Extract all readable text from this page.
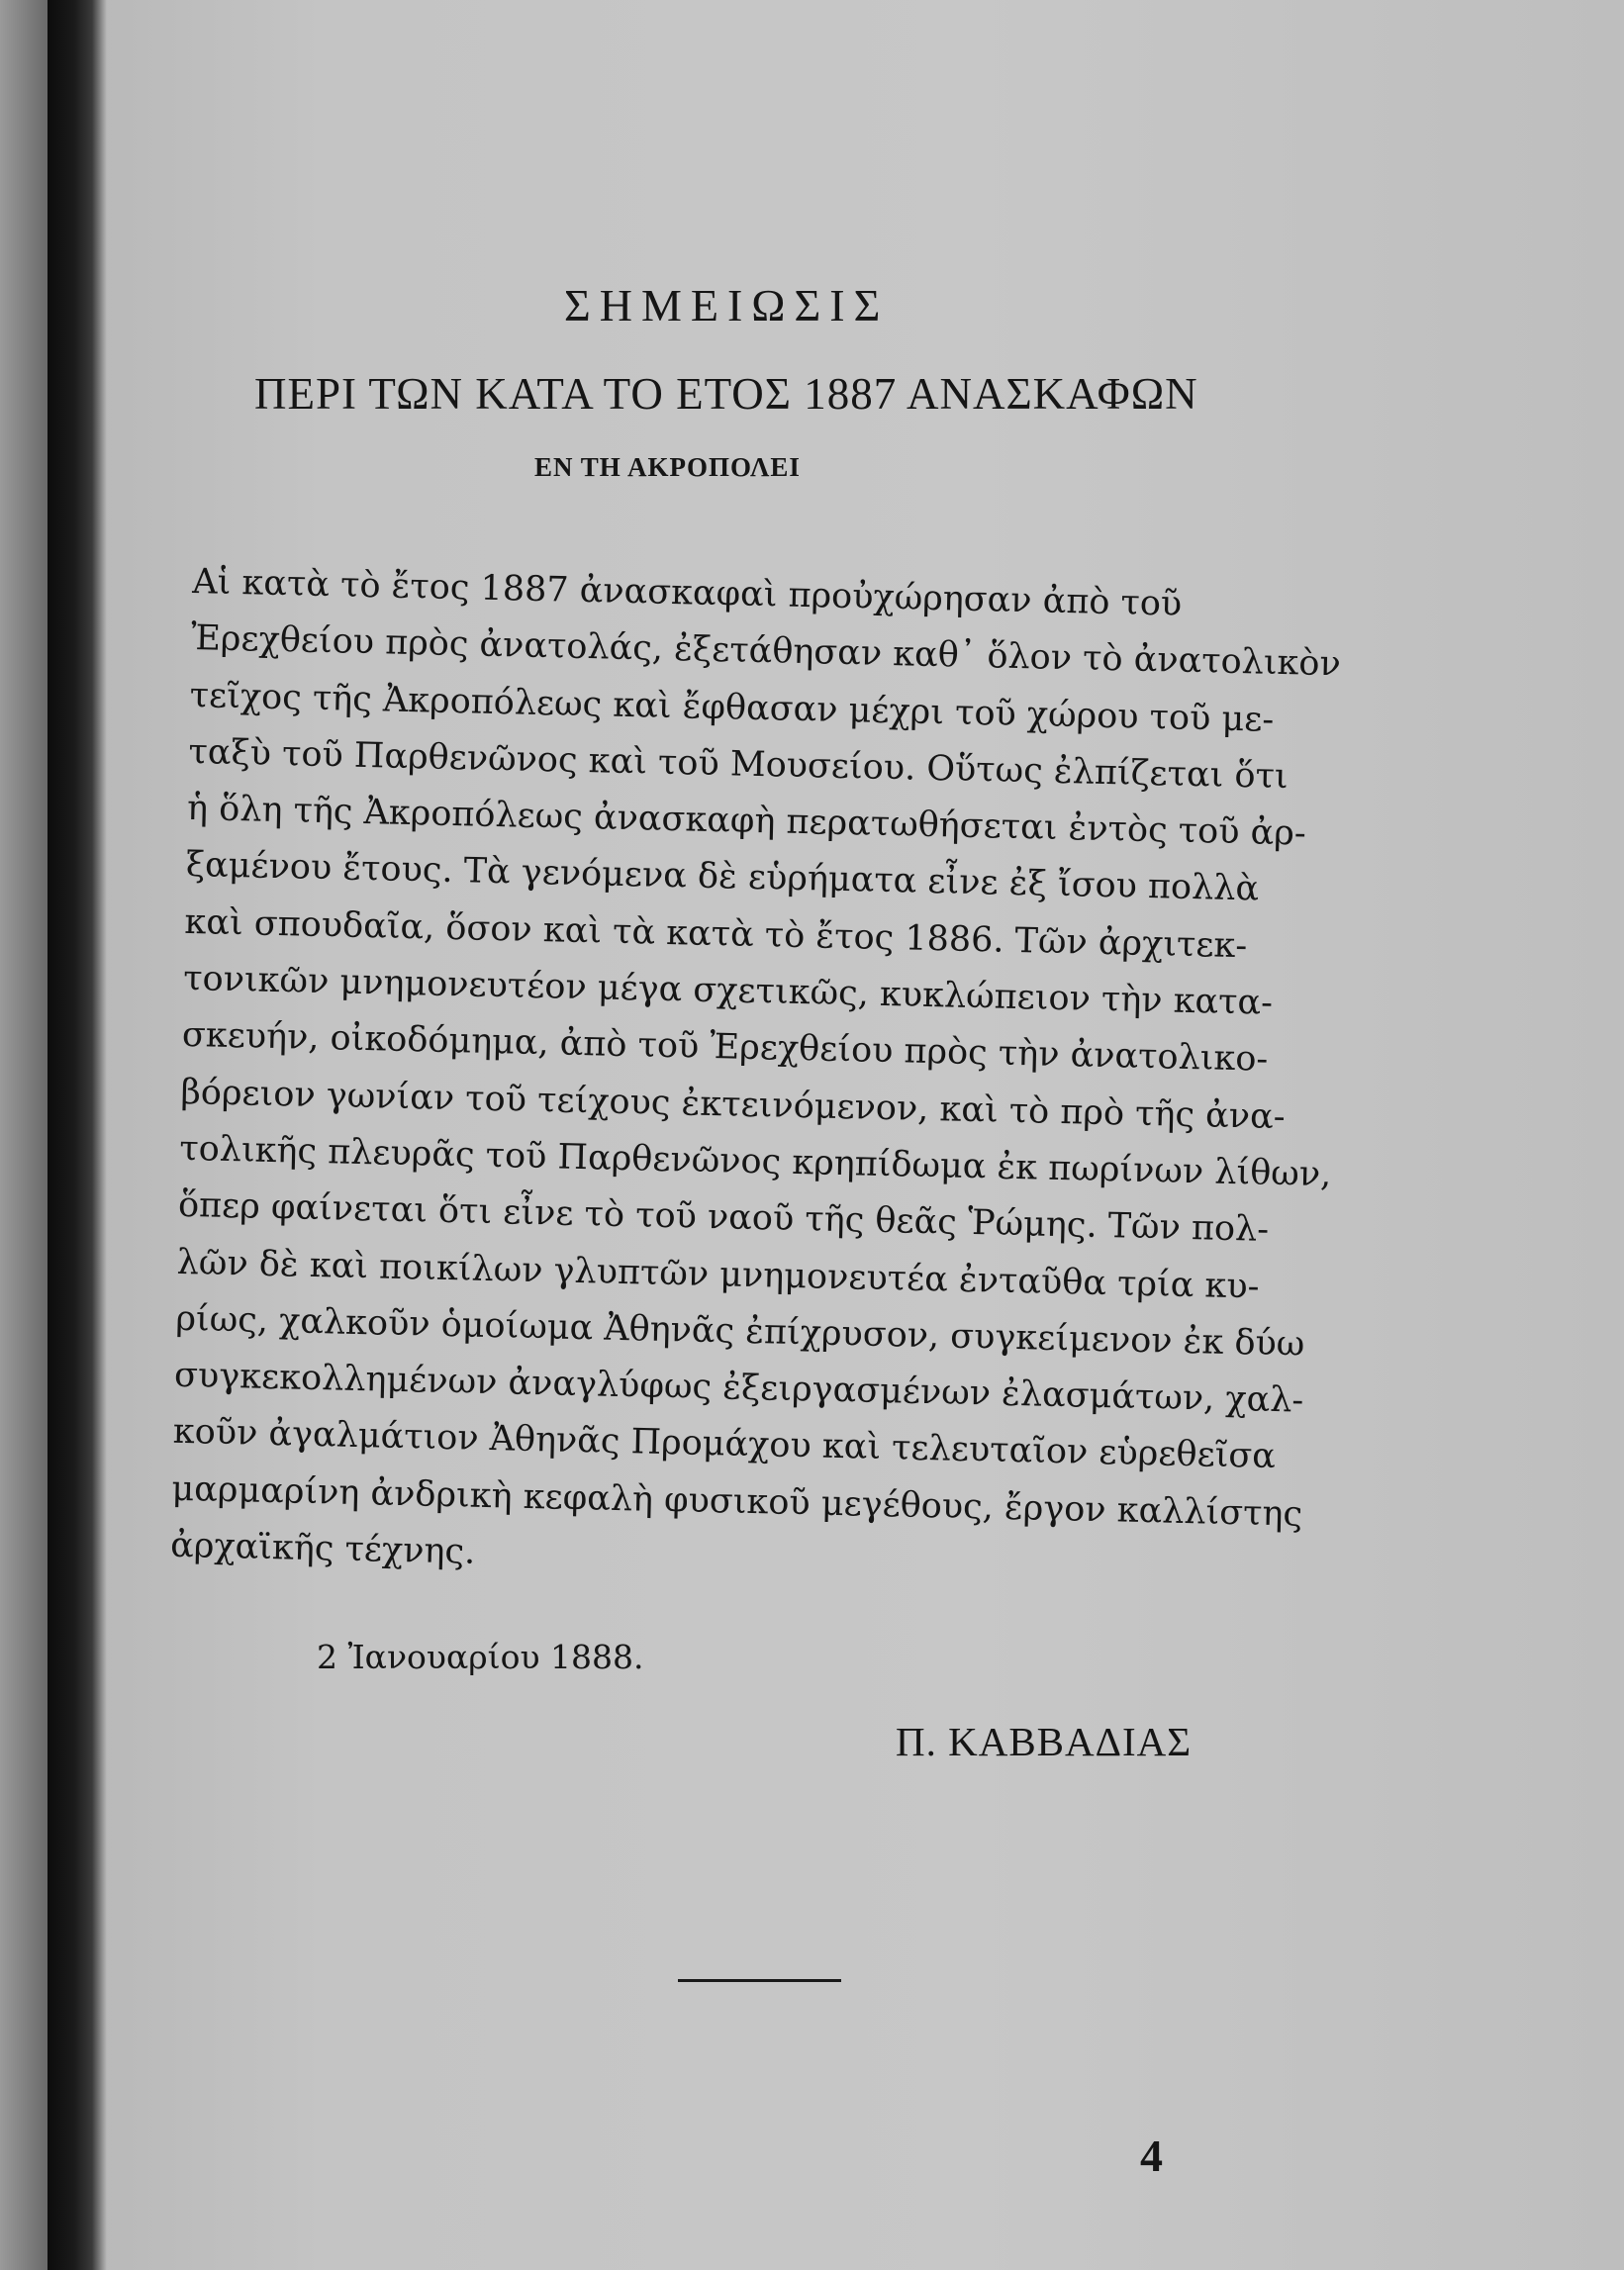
ΣΗΜΕΙΩΣΙΣ
ΠΕΡΙ ΤΩΝ ΚΑΤΑ ΤΟ ΕΤΟΣ 1887 ΑΝΑΣΚΑΦΩΝ
ΕΝ ΤΗ ΑΚΡΟΠΟΛΕΙ
Αἱ κατὰ τὸ ἔτος 1887 ἀνασκαφαὶ προὐχώρησαν ἀπὸ τοῦ
Ἐρεχθείου πρὸς ἀνατολάς, ἐξετάθησαν καθ᾽ ὅλον τὸ ἀνατολικὸν
τεῖχος τῆς Ἀκροπόλεως καὶ ἔφθασαν μέχρι τοῦ χώρου τοῦ με-
ταξὺ τοῦ Παρθενῶνος καὶ τοῦ Μουσείου. Οὕτως ἐλπίζεται ὅτι
ἡ ὅλη τῆς Ἀκροπόλεως ἀνασκαφὴ περατωθήσεται ἐντὸς τοῦ ἀρ-
ξαμένου ἔτους. Τὰ γενόμενα δὲ εὑρήματα εἶνε ἐξ ἴσου πολλὰ
καὶ σπουδαῖα, ὅσον καὶ τὰ κατὰ τὸ ἔτος 1886. Τῶν ἀρχιτεκ-
τονικῶν μνημονευτέον μέγα σχετικῶς, κυκλώπειον τὴν κατα-
σκευήν, οἰκοδόμημα, ἀπὸ τοῦ Ἐρεχθείου πρὸς τὴν ἀνατολικο-
βόρειον γωνίαν τοῦ τείχους ἐκτεινόμενον, καὶ τὸ πρὸ τῆς ἀνα-
τολικῆς πλευρᾶς τοῦ Παρθενῶνος κρηπίδωμα ἐκ πωρίνων λίθων,
ὅπερ φαίνεται ὅτι εἶνε τὸ τοῦ ναοῦ τῆς θεᾶς Ῥώμης. Τῶν πολ-
λῶν δὲ καὶ ποικίλων γλυπτῶν μνημονευτέα ἐνταῦθα τρία κυ-
ρίως, χαλκοῦν ὁμοίωμα Ἀθηνᾶς ἐπίχρυσον, συγκείμενον ἐκ δύω
συγκεκολλημένων ἀναγλύφως ἐξειργασμένων ἐλασμάτων, χαλ-
κοῦν ἀγαλμάτιον Ἀθηνᾶς Προμάχου καὶ τελευταῖον εὑρεθεῖσα
μαρμαρίνη ἀνδρικὴ κεφαλὴ φυσικοῦ μεγέθους, ἔργον καλλίστης
ἀρχαϊκῆς τέχνης.
2 Ἰανουαρίου 1888.
Π. ΚΑΒΒΑΔΙΑΣ
4
